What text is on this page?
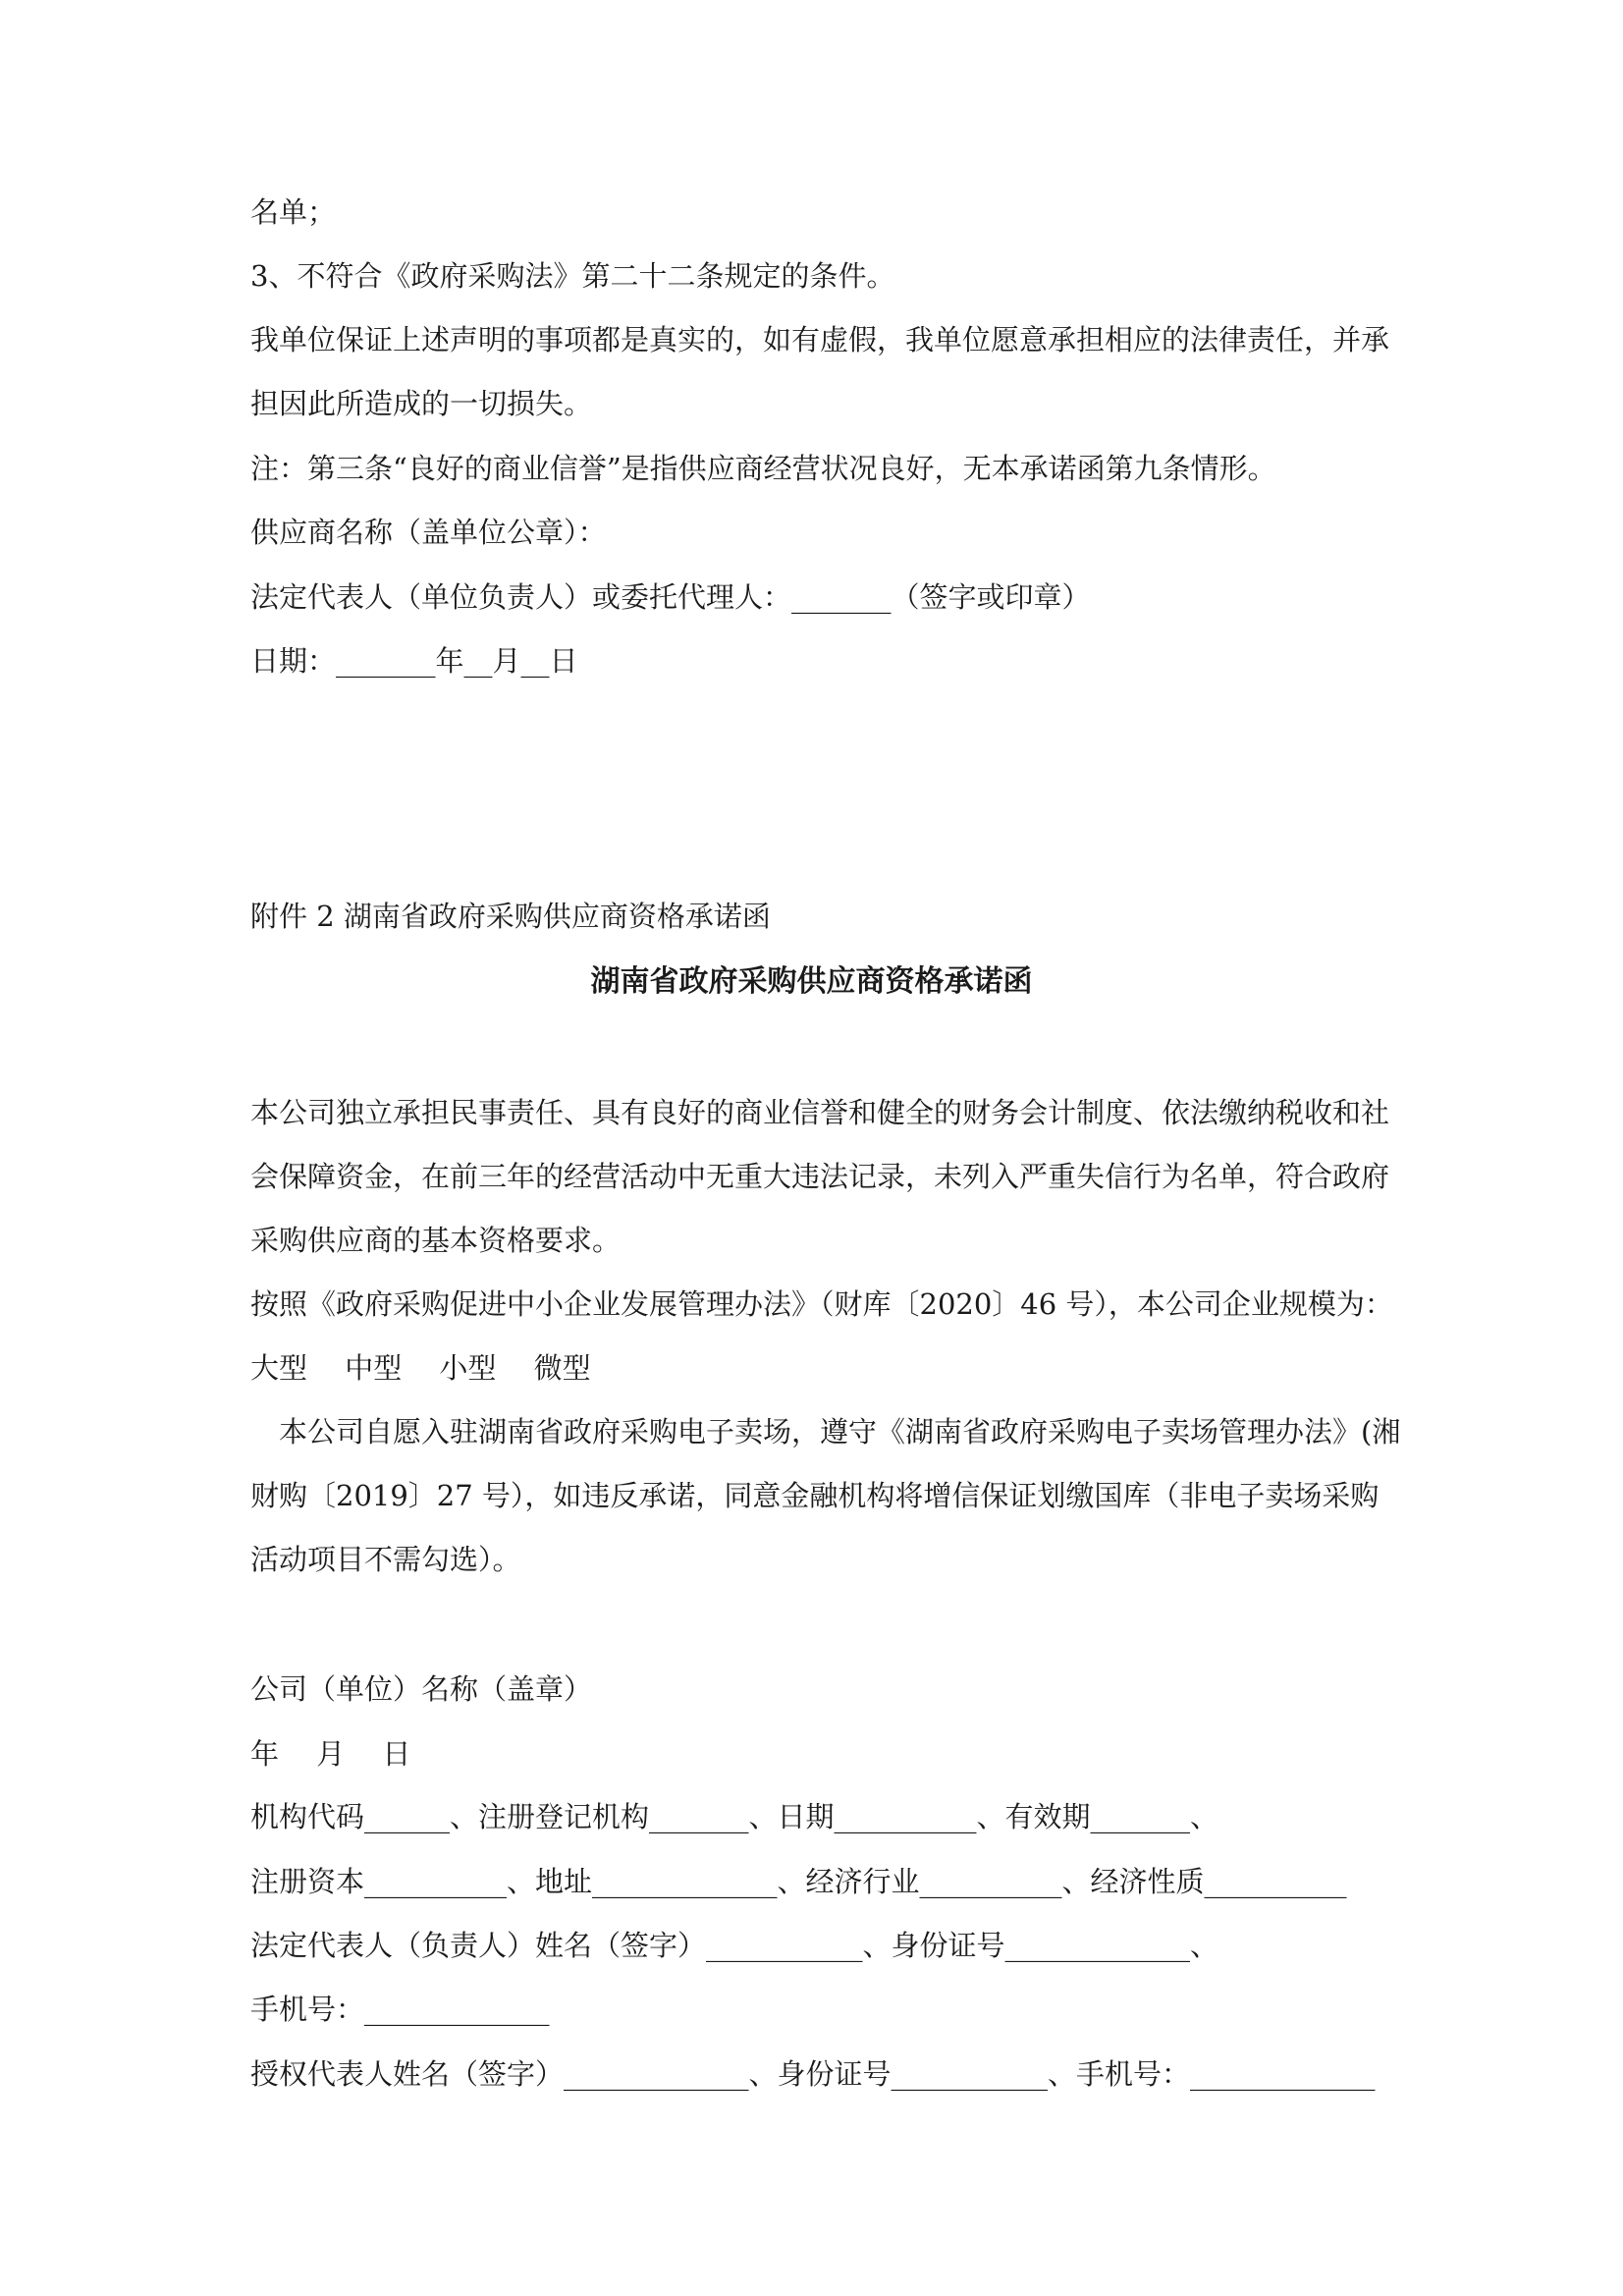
名单；
3、不符合《政府采购法》第二十二条规定的条件。
我单位保证上述声明的事项都是真实的，如有虚假，我单位愿意承担相应的法律责任，并承
担因此所造成的一切损失。
注：第三条“良好的商业信誉”是指供应商经营状况良好，无本承诺函第九条情形。
供应商名称（盖单位公章）：
法定代表人（单位负责人）或委托代理人：_______（签字或印章）
日期：_______年__月__日
附件 2 湖南省政府采购供应商资格承诺函
湖南省政府采购供应商资格承诺函
本公司独立承担民事责任、具有良好的商业信誉和健全的财务会计制度、依法缴纳税收和社
会保障资金，在前三年的经营活动中无重大违法记录，未列入严重失信行为名单，符合政府
采购供应商的基本资格要求。
按照《政府采购促进中小企业发展管理办法》（财库〔2020〕46 号），本公司企业规模为：
大型　 中型　 小型　 微型
　本公司自愿入驻湖南省政府采购电子卖场，遵守《湖南省政府采购电子卖场管理办法》(湘
财购〔2019〕27 号），如违反承诺，同意金融机构将增信保证划缴国库（非电子卖场采购
活动项目不需勾选）。
公司（单位）名称（盖章）
年　 月　 日
机构代码______、注册登记机构_______、日期__________、有效期_______、
注册资本__________、地址_____________、经济行业__________、经济性质__________
法定代表人（负责人）姓名（签字）___________、身份证号_____________、
手机号：_____________
授权代表人姓名（签字）_____________、身份证号___________、手机号：_____________
